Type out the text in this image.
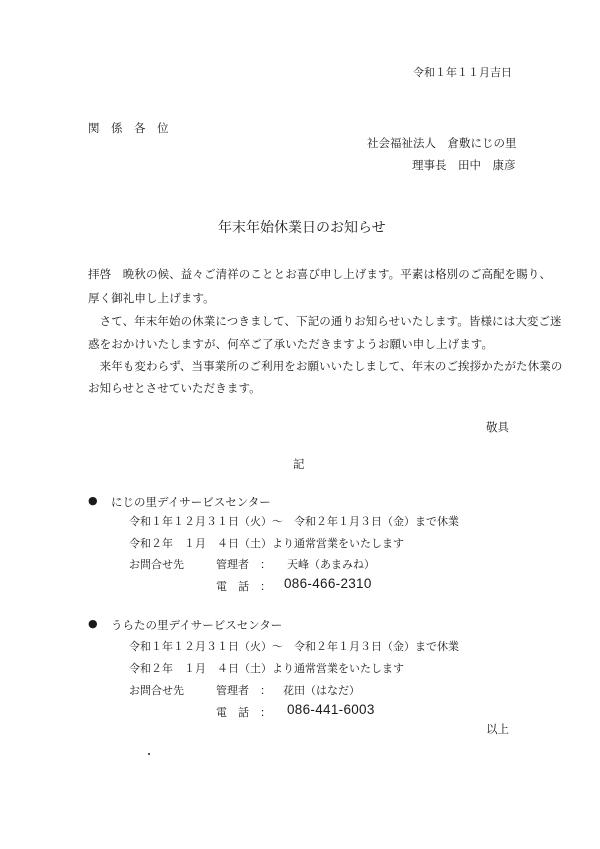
令和１年１１月吉日
関　係　各　位
社会福祉法人　倉敷にじの里
理事長　田中　康彦
年末年始休業日のお知らせ
拝啓　晩秋の候、益々ご清祥のこととお喜び申し上げます。平素は格別のご高配を賜り、
厚く御礼申し上げます。
　さて、年末年始の休業につきまして、下記の通りお知らせいたします。皆様には大変ご迷
惑をおかけいたしますが、何卒ご了承いただきますようお願い申し上げます。
　来年も変わらず、当事業所のご利用をお願いいたしまして、年末のご挨拶かたがた休業の
お知らせとさせていただきます。
敬具
記
● にじの里デイサービスセンター
令和１年１２月３１日（火）～　令和２年１月３日（金）まで休業
令和２年　１月　４日（土）より通常営業をいたします
お問合せ先	管理者　： 天峰（あまみね）
電　話　： 086-466-2310
● うらたの里デイサービスセンター
令和１年１２月３１日（火）～　令和２年１月３日（金）まで休業
令和２年　１月　４日（土）より通常営業をいたします
お問合せ先	管理者　： 花田（はなだ）
電　話　： 086-441-6003
以上
